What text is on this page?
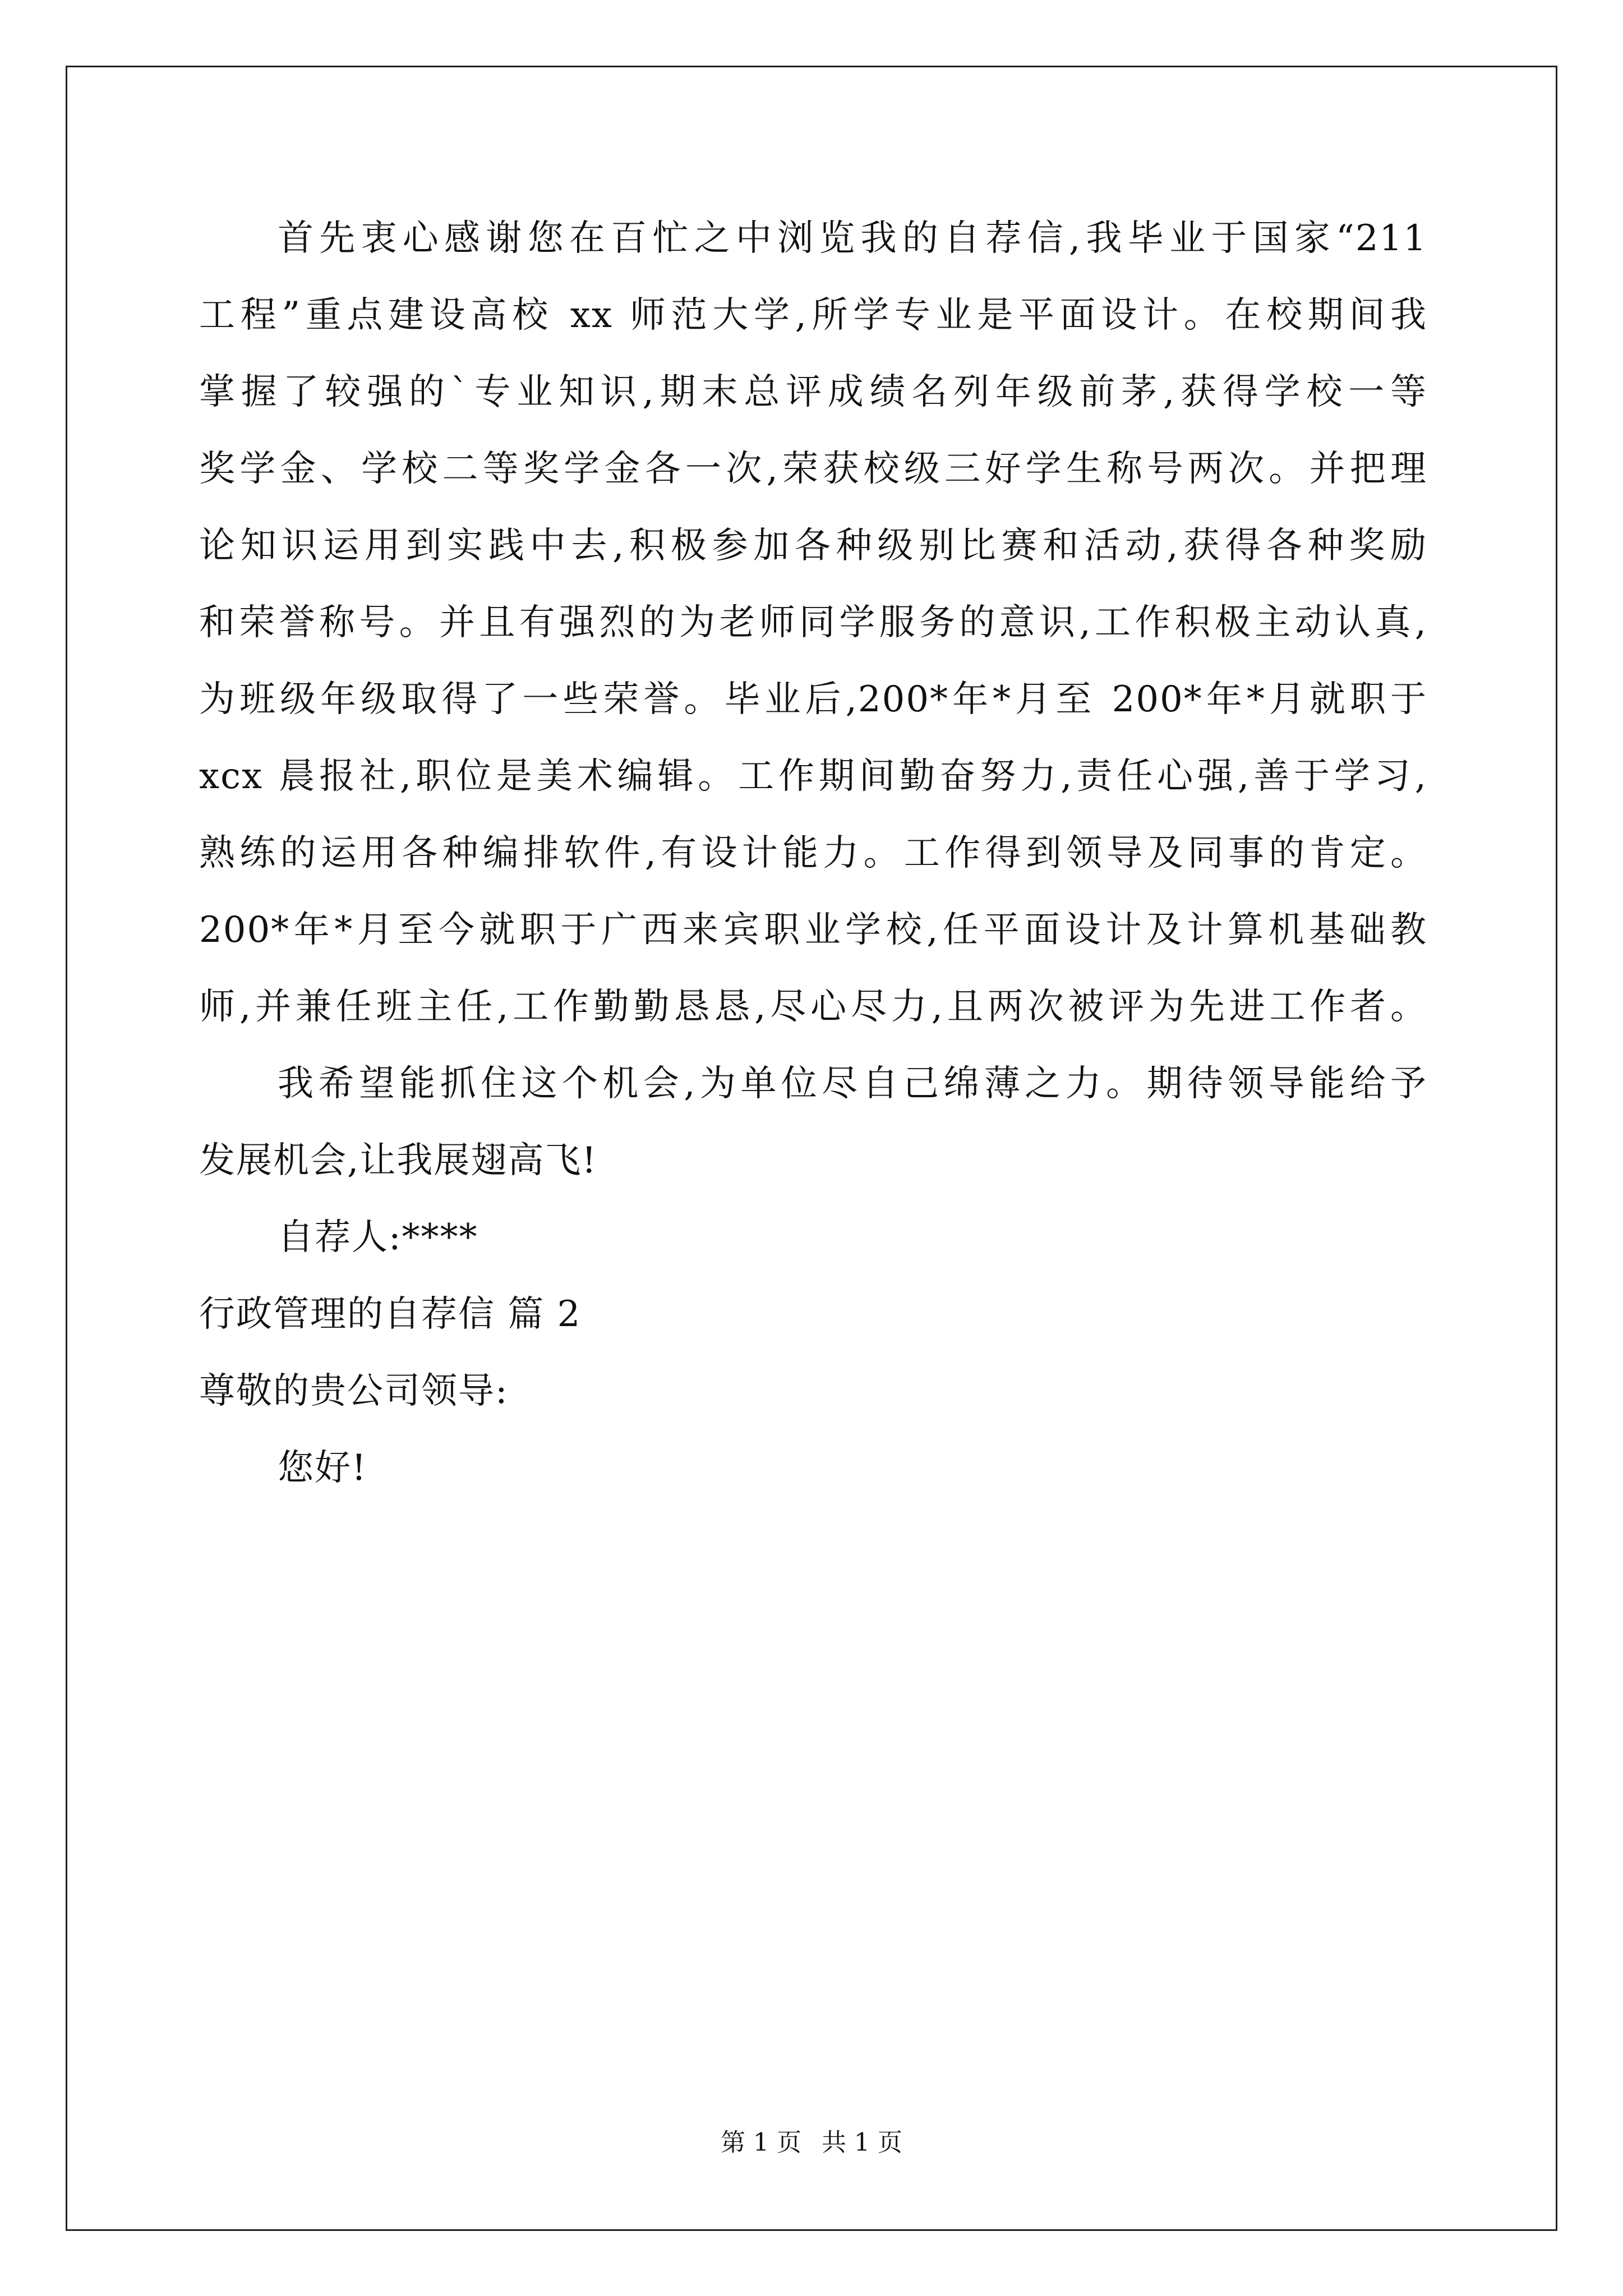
首先衷心感谢您在百忙之中浏览我的自荐信,我毕业于国家“211
工程”重点建设高校 xx 师范大学,所学专业是平面设计。在校期间我
掌握了较强的`专业知识,期末总评成绩名列年级前茅,获得学校一等
奖学金、学校二等奖学金各一次,荣获校级三好学生称号两次。并把理
论知识运用到实践中去,积极参加各种级别比赛和活动,获得各种奖励
和荣誉称号。并且有强烈的为老师同学服务的意识,工作积极主动认真,
为班级年级取得了一些荣誉。毕业后,200*年*月至 200*年*月就职于
xcx 晨报社,职位是美术编辑。工作期间勤奋努力,责任心强,善于学习,
熟练的运用各种编排软件,有设计能力。工作得到领导及同事的肯定。
200*年*月至今就职于广西来宾职业学校,任平面设计及计算机基础教
师,并兼任班主任,工作勤勤恳恳,尽心尽力,且两次被评为先进工作者。
我希望能抓住这个机会,为单位尽自己绵薄之力。期待领导能给予
发展机会,让我展翅高飞!
自荐人:****
行政管理的自荐信 篇 2
尊敬的贵公司领导:
您好!
第 1 页 共 1 页
